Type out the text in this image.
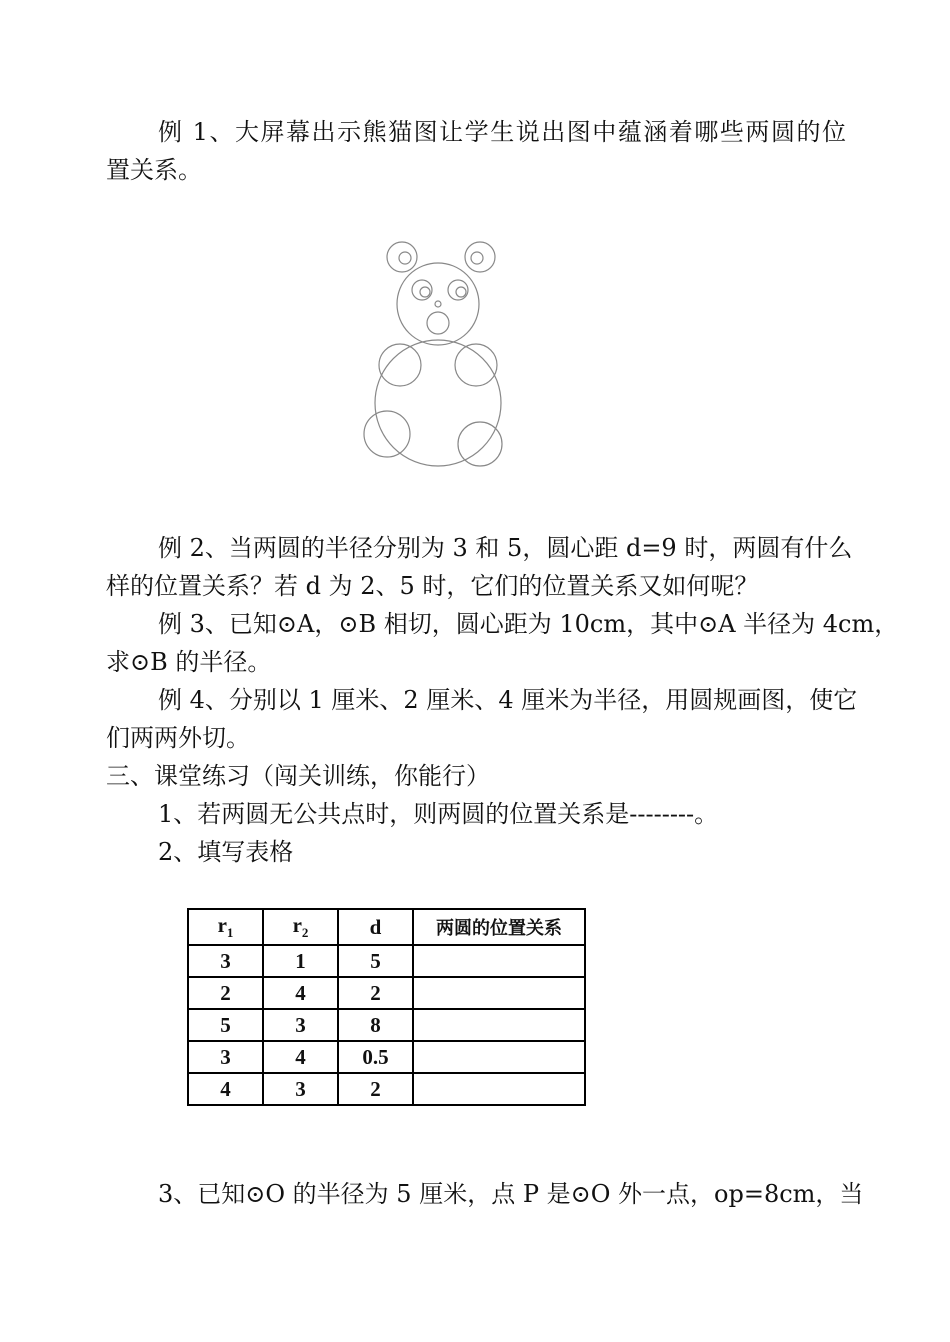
例 1、大屏幕出示熊猫图让学生说出图中蕴涵着哪些两圆的位
置关系。
例 2、当两圆的半径分别为 3 和 5，圆心距 d=9 时，两圆有什么
样的位置关系？若 d 为 2、5 时，它们的位置关系又如何呢？
例 3、已知⊙A，⊙B 相切，圆心距为 10cm，其中⊙A 半径为 4cm，
求⊙B 的半径。
例 4、分别以 1 厘米、2 厘米、4 厘米为半径，用圆规画图，使它
们两两外切。
三、课堂练习（闯关训练，你能行）
1、若两圆无公共点时，则两圆的位置关系是--------。
2、填写表格
$r_1$	$r_2$	d	两圆的位置关系
3	1	5	
2	4	2	
5	3	8	
3	4	0.5	
4	3	2	
3、已知⊙O 的半径为 5 厘米，点 P 是⊙O 外一点，op=8cm，当
